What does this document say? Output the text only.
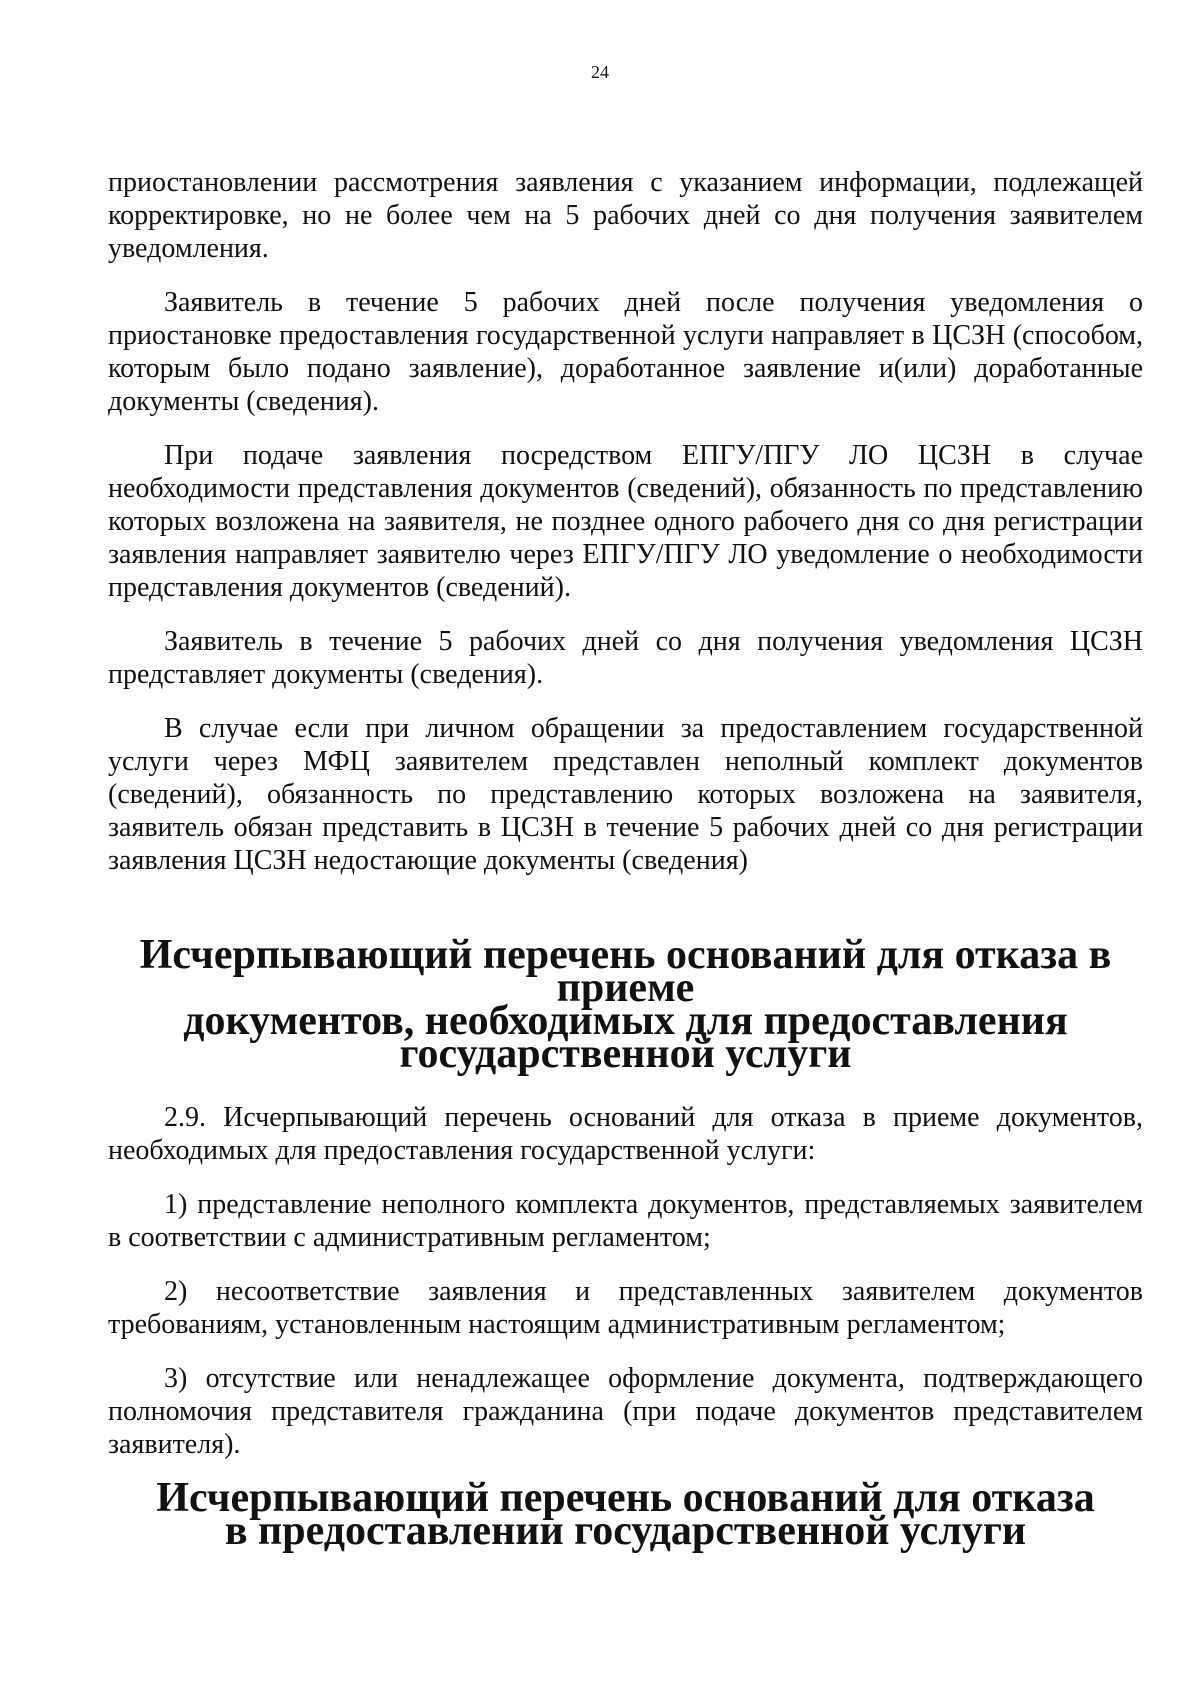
24

приостановлении рассмотрения заявления с указанием информации, подлежащей корректировке, но не более чем на 5 рабочих дней со дня получения заявителем уведомления.

Заявитель в течение 5 рабочих дней после получения уведомления о приостановке предоставления государственной услуги направляет в ЦСЗН (способом, которым было подано заявление), доработанное заявление и(или) доработанные документы (сведения).

При подаче заявления посредством ЕПГУ/ПГУ ЛО ЦСЗН в случае необходимости представления документов (сведений), обязанность по представлению которых возложена на заявителя, не позднее одного рабочего дня со дня регистрации заявления направляет заявителю через ЕПГУ/ПГУ ЛО уведомление о необходимости представления документов (сведений).

Заявитель в течение 5 рабочих дней со дня получения уведомления ЦСЗН представляет документы (сведения).

В случае если при личном обращении за предоставлением государственной услуги через МФЦ заявителем представлен неполный комплект документов (сведений), обязанность по представлению которых возложена на заявителя, заявитель обязан представить в ЦСЗН в течение 5 рабочих дней со дня регистрации заявления ЦСЗН недостающие документы (сведения)

Исчерпывающий перечень оснований для отказа в приеме
документов, необходимых для предоставления
государственной услуги

2.9. Исчерпывающий перечень оснований для отказа в приеме документов, необходимых для предоставления государственной услуги:

1) представление неполного комплекта документов, представляемых заявителем в соответствии с административным регламентом;

2) несоответствие заявления и представленных заявителем документов требованиям, установленным настоящим административным регламентом;

3) отсутствие или ненадлежащее оформление документа, подтверждающего полномочия представителя гражданина (при подаче документов представителем заявителя).

Исчерпывающий перечень оснований для отказа
в предоставлении государственной услуги
